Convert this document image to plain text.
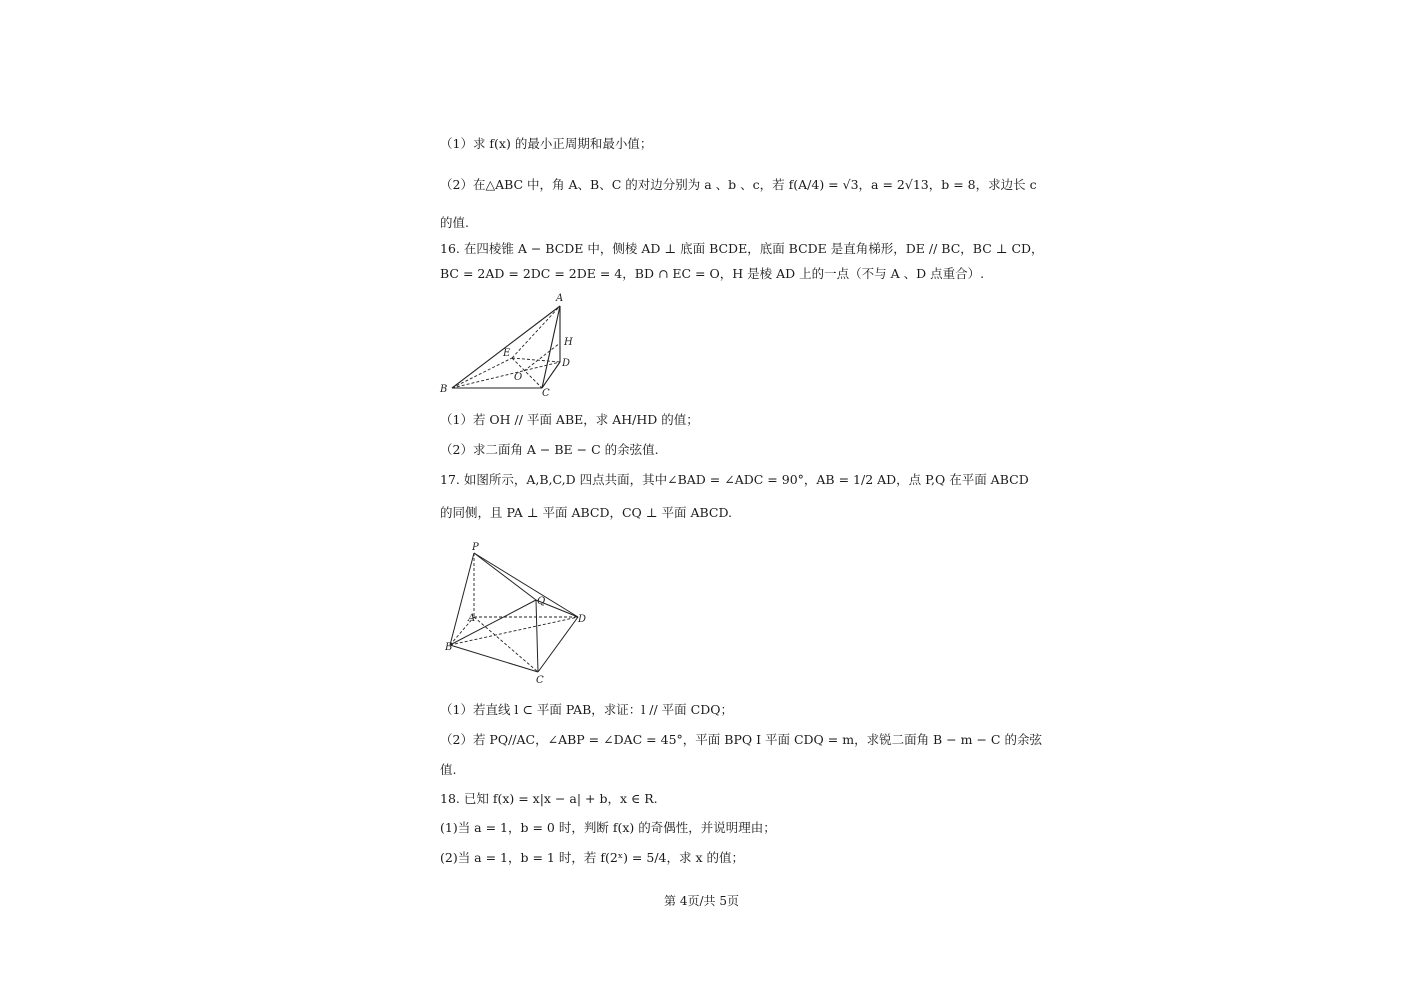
（1）求 f(x) 的最小正周期和最小值；
（2）在△ABC 中，角 A、B、C 的对边分别为 a 、b 、c，若 f(A/4) = √3，a = 2√13，b = 8，求边长 c
的值.
16. 在四棱锥 A − BCDE 中，侧棱 AD ⊥ 底面 BCDE，底面 BCDE 是直角梯形，DE // BC，BC ⊥ CD，
BC = 2AD = 2DC = 2DE = 4，BD ∩ EC = O，H 是棱 AD 上的一点（不与 A 、D 点重合）.
A
B	C
D
E
H
O
（1）若 OH // 平面 ABE，求 AH/HD 的值；
（2）求二面角 A − BE − C 的余弦值.
17. 如图所示，A,B,C,D 四点共面，其中∠BAD = ∠ADC = 90°，AB = 1/2 AD，点 P,Q 在平面 ABCD
的同侧，且 PA ⊥ 平面 ABCD，CQ ⊥ 平面 ABCD.
P
Q
A
B
C
D
（1）若直线 l ⊂ 平面 PAB，求证：l // 平面 CDQ；
（2）若 PQ//AC，∠ABP = ∠DAC = 45°，平面 BPQ I 平面 CDQ = m，求锐二面角 B − m − C 的余弦
值.
18. 已知 f(x) = x|x − a| + b，x ∈ R.
(1)当 a = 1，b = 0 时，判断 f(x) 的奇偶性，并说明理由；
(2)当 a = 1，b = 1 时，若 f(2ˣ) = 5/4，求 x 的值；
第 4页/共 5页
